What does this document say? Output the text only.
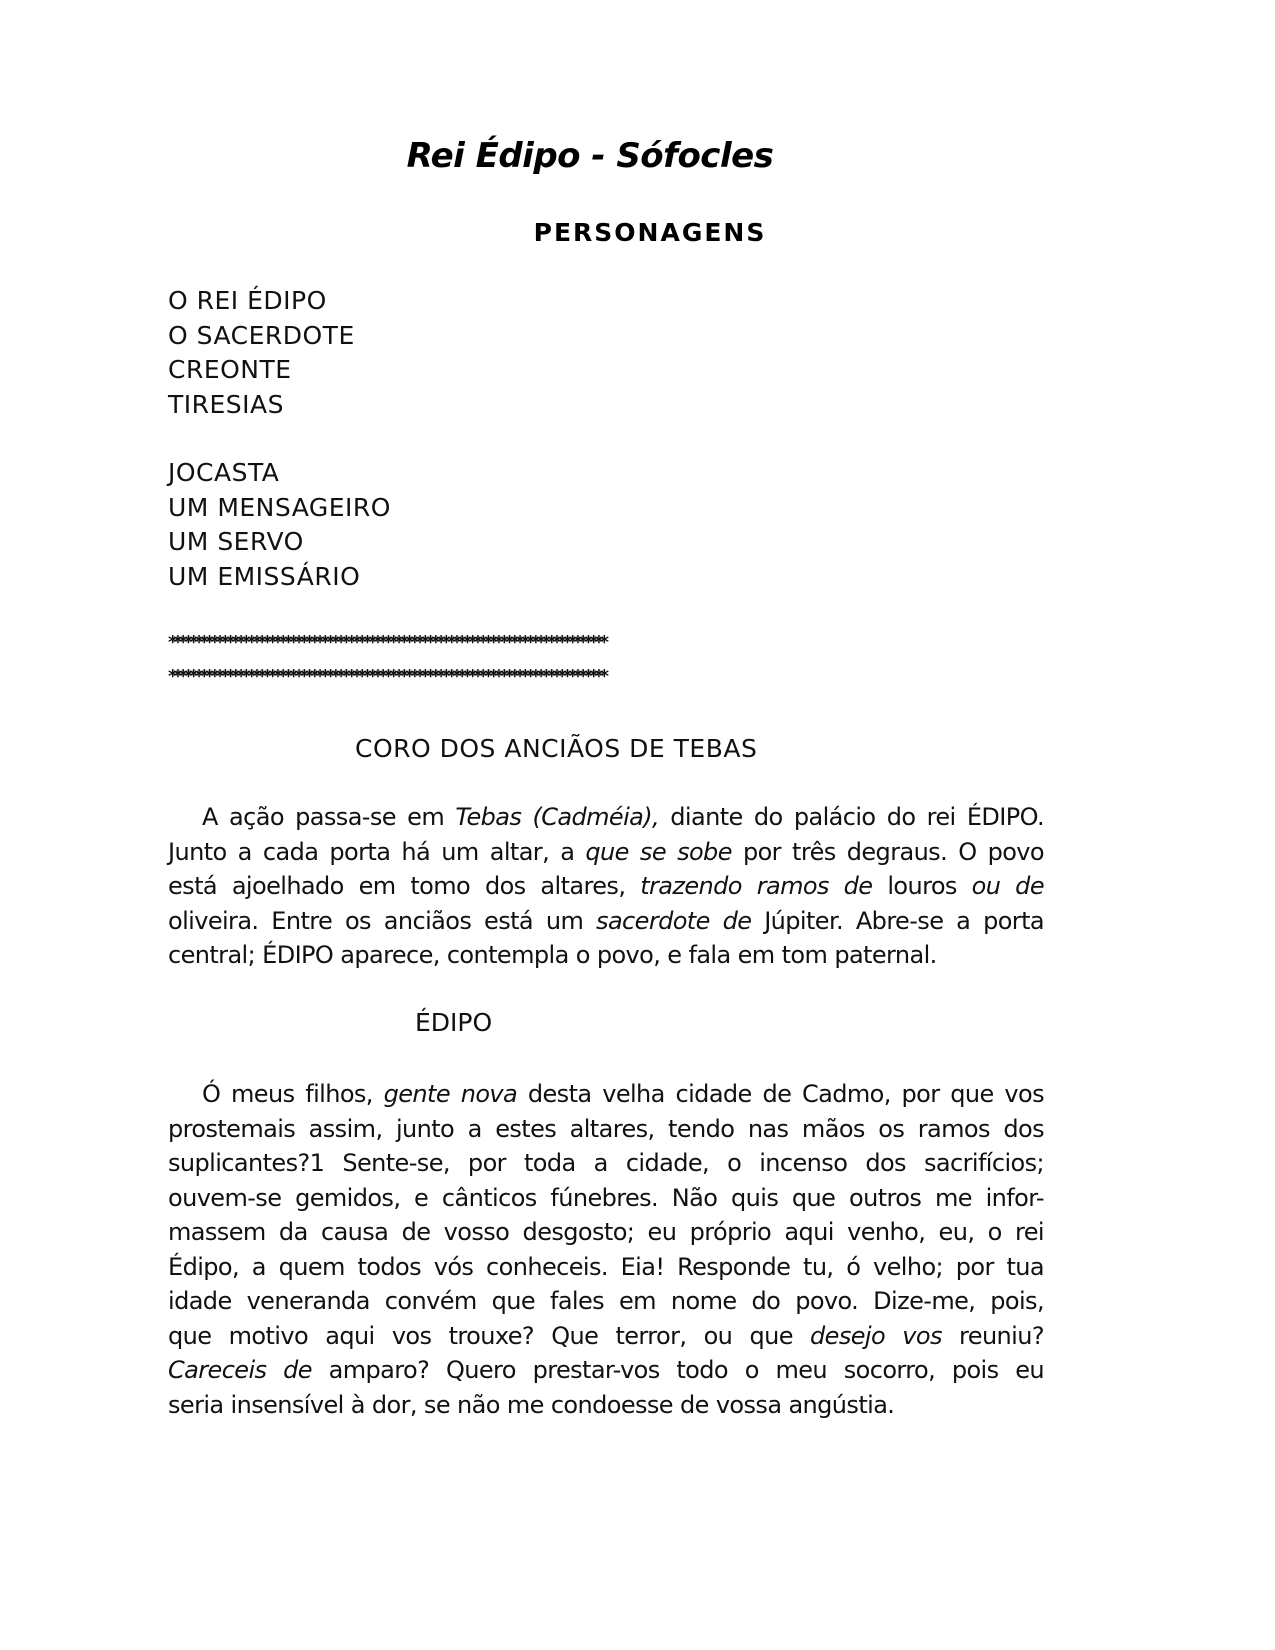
Rei Édipo - Sófocles
PERSONAGENS
O REI ÉDIPO
O SACERDOTE
CREONTE
TIRESIAS
JOCASTA
UM MENSAGEIRO
UM SERVO
UM EMISSÁRIO
***********************************************************************************
***********************************************************************************
CORO DOS ANCIÃOS DE TEBAS
A ação passa-se em Tebas (Cadméia), diante do palácio do rei ÉDIPO.
Junto a cada porta há um altar, a que se sobe por três degraus. O povo
está ajoelhado em tomo dos altares, trazendo ramos de louros ou de
oliveira. Entre os anciãos está um sacerdote de Júpiter. Abre-se a porta
central; ÉDIPO aparece, contempla o povo, e fala em tom paternal.
ÉDIPO
Ó meus filhos, gente nova desta velha cidade de Cadmo, por que vos
prostemais assim, junto a estes altares, tendo nas mãos os ramos dos
suplicantes?1 Sente-se, por toda a cidade, o incenso dos sacrifícios;
ouvem-se gemidos, e cânticos fúnebres. Não quis que outros me infor-
massem da causa de vosso desgosto; eu próprio aqui venho, eu, o rei
Édipo, a quem todos vós conheceis. Eia! Responde tu, ó velho; por tua
idade veneranda convém que fales em nome do povo. Dize-me, pois,
que motivo aqui vos trouxe? Que terror, ou que desejo vos reuniu?
Careceis de amparo? Quero prestar-vos todo o meu socorro, pois eu
seria insensível à dor, se não me condoesse de vossa angústia.
